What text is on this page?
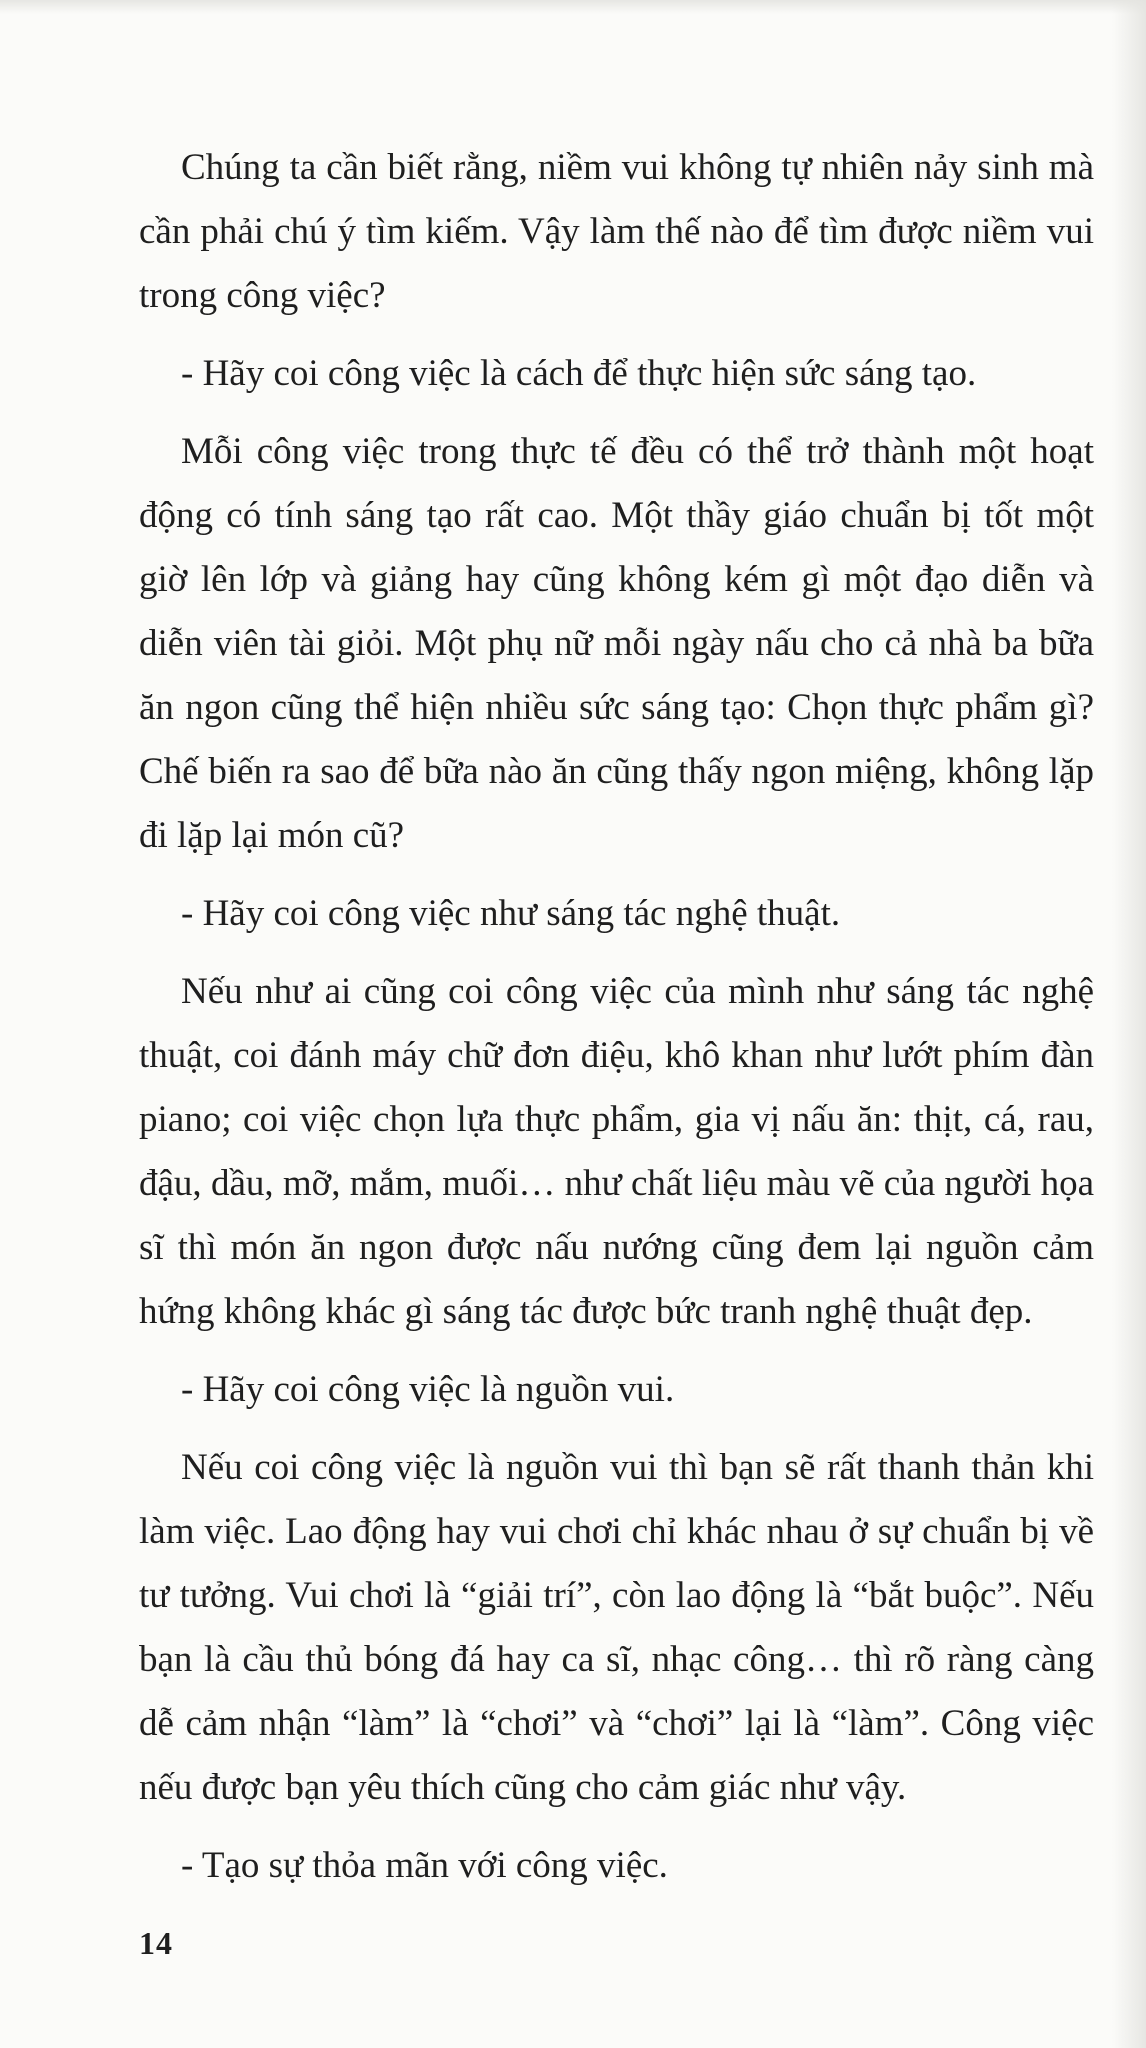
Chúng ta cần biết rằng, niềm vui không tự nhiên nảy sinh mà cần phải chú ý tìm kiếm. Vậy làm thế nào để tìm được niềm vui trong công việc?

- Hãy coi công việc là cách để thực hiện sức sáng tạo.

Mỗi công việc trong thực tế đều có thể trở thành một hoạt động có tính sáng tạo rất cao. Một thầy giáo chuẩn bị tốt một giờ lên lớp và giảng hay cũng không kém gì một đạo diễn và diễn viên tài giỏi. Một phụ nữ mỗi ngày nấu cho cả nhà ba bữa ăn ngon cũng thể hiện nhiều sức sáng tạo: Chọn thực phẩm gì? Chế biến ra sao để bữa nào ăn cũng thấy ngon miệng, không lặp đi lặp lại món cũ?

- Hãy coi công việc như sáng tác nghệ thuật.

Nếu như ai cũng coi công việc của mình như sáng tác nghệ thuật, coi đánh máy chữ đơn điệu, khô khan như lướt phím đàn piano; coi việc chọn lựa thực phẩm, gia vị nấu ăn: thịt, cá, rau, đậu, dầu, mỡ, mắm, muối… như chất liệu màu vẽ của người họa sĩ thì món ăn ngon được nấu nướng cũng đem lại nguồn cảm hứng không khác gì sáng tác được bức tranh nghệ thuật đẹp.

- Hãy coi công việc là nguồn vui.

Nếu coi công việc là nguồn vui thì bạn sẽ rất thanh thản khi làm việc. Lao động hay vui chơi chỉ khác nhau ở sự chuẩn bị về tư tưởng. Vui chơi là “giải trí”, còn lao động là “bắt buộc”. Nếu bạn là cầu thủ bóng đá hay ca sĩ, nhạc công… thì rõ ràng càng dễ cảm nhận “làm” là “chơi” và “chơi” lại là “làm”. Công việc nếu được bạn yêu thích cũng cho cảm giác như vậy.

- Tạo sự thỏa mãn với công việc.

14
